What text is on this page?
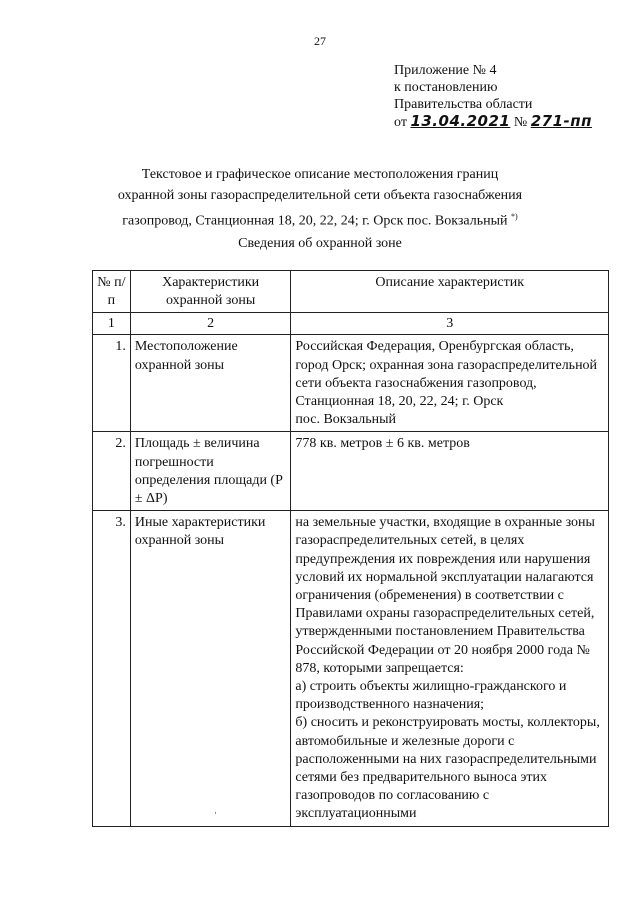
27
Приложение № 4
к постановлению
Правительства области
от 13.04.2021 № 271-пп
Текстовое и графическое описание местоположения границ
охранной зоны газораспределительной сети объекта газоснабжения
газопровод, Станционная 18, 20, 22, 24; г. Орск пос. Вокзальный *)
Сведения об охранной зоне
№ п/п	Характеристики охранной зоны	Описание характеристик
1	2	3
1.	Местоположение охранной зоны	Российская Федерация, Оренбургская область, город Орск; охранная зона газораспределительной сети объекта газоснабжения газопровод,
Станционная 18, 20, 22, 24; г. Орск
пос. Вокзальный
2.	Площадь ± величина погрешности определения площади (Р ± ΔР)	778 кв. метров ± 6 кв. метров
3.	Иные характеристики охранной зоны	на земельные участки, входящие в охранные зоны газораспределительных сетей, в целях предупреждения их повреждения или нарушения условий их нормальной эксплуатации налагаются ограничения (обременения) в соответствии с Правилами охраны газораспределительных сетей, утвержденными постановлением Правительства Российской Федерации от 20 ноября 2000 года № 878, которыми запрещается:
а) строить объекты жилищно-гражданского и производственного назначения;
б) сносить и реконструировать мосты, коллекторы, автомобильные и железные дороги с расположенными на них газораспределительными сетями без предварительного выноса этих газопроводов по согласованию с эксплуатационными
·
